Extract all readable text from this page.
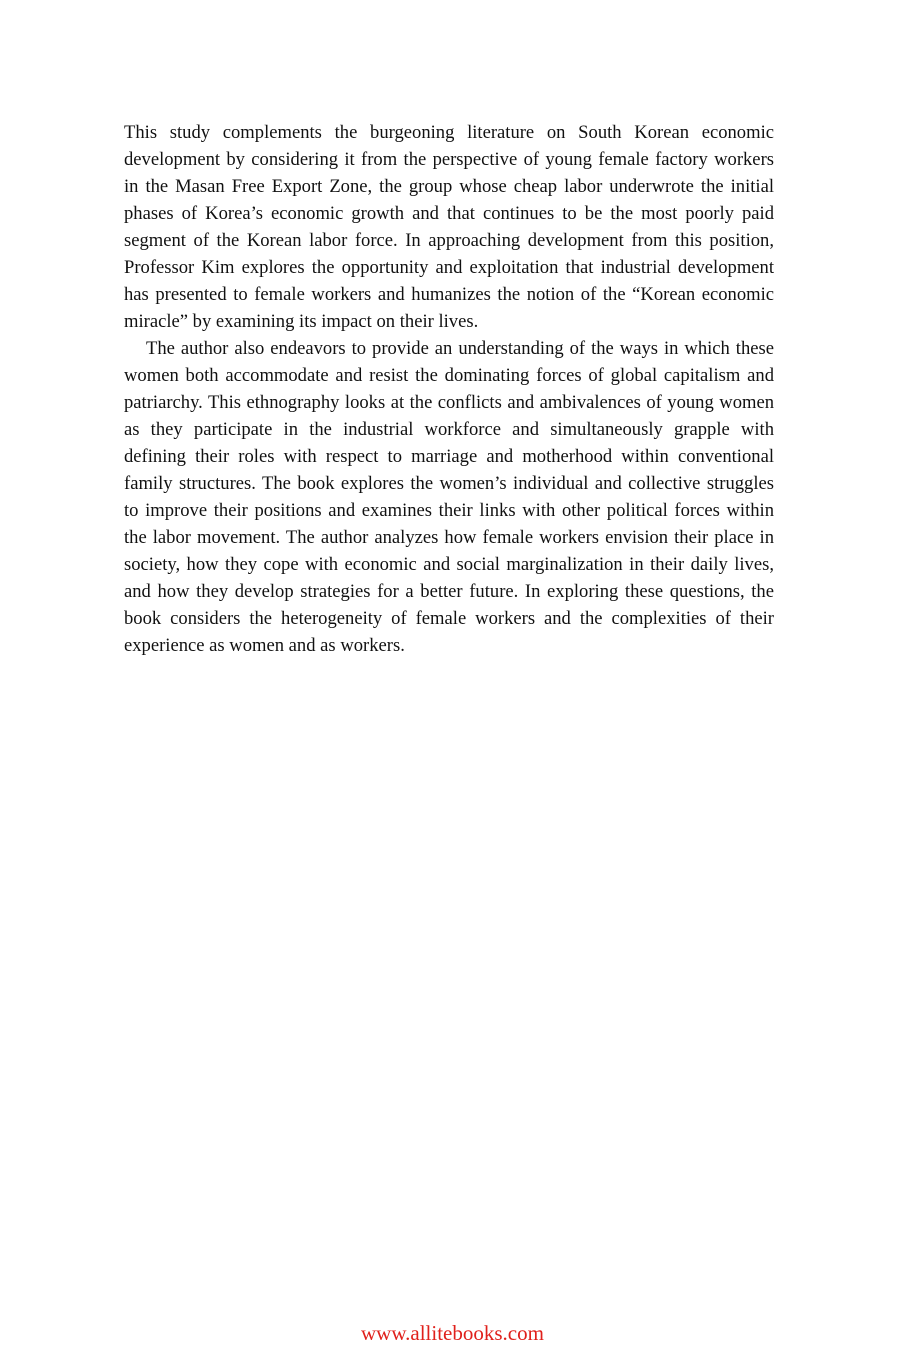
This study complements the burgeoning literature on South Korean economic development by considering it from the perspective of young female factory workers in the Masan Free Export Zone, the group whose cheap labor underwrote the initial phases of Korea’s economic growth and that continues to be the most poorly paid segment of the Korean labor force. In approaching development from this position, Professor Kim explores the opportunity and exploitation that industrial development has presented to female workers and humanizes the notion of the “Korean economic miracle” by examining its impact on their lives.

The author also endeavors to provide an understanding of the ways in which these women both accommodate and resist the dominating forces of global capitalism and patriarchy. This ethnography looks at the conflicts and ambivalences of young women as they participate in the industrial workforce and simultaneously grapple with defining their roles with respect to marriage and motherhood within conventional family structures. The book explores the women’s individual and collective struggles to improve their positions and examines their links with other political forces within the labor movement. The author analyzes how female workers envision their place in society, how they cope with economic and social marginalization in their daily lives, and how they develop strategies for a better future. In exploring these questions, the book considers the heterogeneity of female workers and the complexities of their experience as women and as workers.

www.allitebooks.com
